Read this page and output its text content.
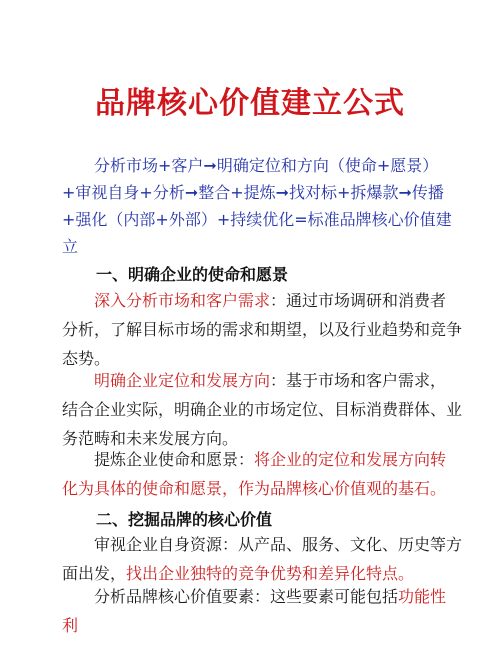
品牌核心价值建立公式
分析市场+客户➞明确定位和方向（使命+愿景）+审视自身+分析➞整合+提炼➞找对标+拆爆款➞传播+强化（内部+外部）+持续优化=标准品牌核心价值建立
一、明确企业的使命和愿景
深入分析市场和客户需求：通过市场调研和消费者分析，了解目标市场的需求和期望，以及行业趋势和竞争态势。
明确企业定位和发展方向：基于市场和客户需求，结合企业实际，明确企业的市场定位、目标消费群体、业务范畴和未来发展方向。
提炼企业使命和愿景：将企业的定位和发展方向转化为具体的使命和愿景，作为品牌核心价值观的基石。
二、挖掘品牌的核心价值
审视企业自身资源：从产品、服务、文化、历史等方面出发，找出企业独特的竞争优势和差异化特点。
分析品牌核心价值要素：这些要素可能包括功能性利
